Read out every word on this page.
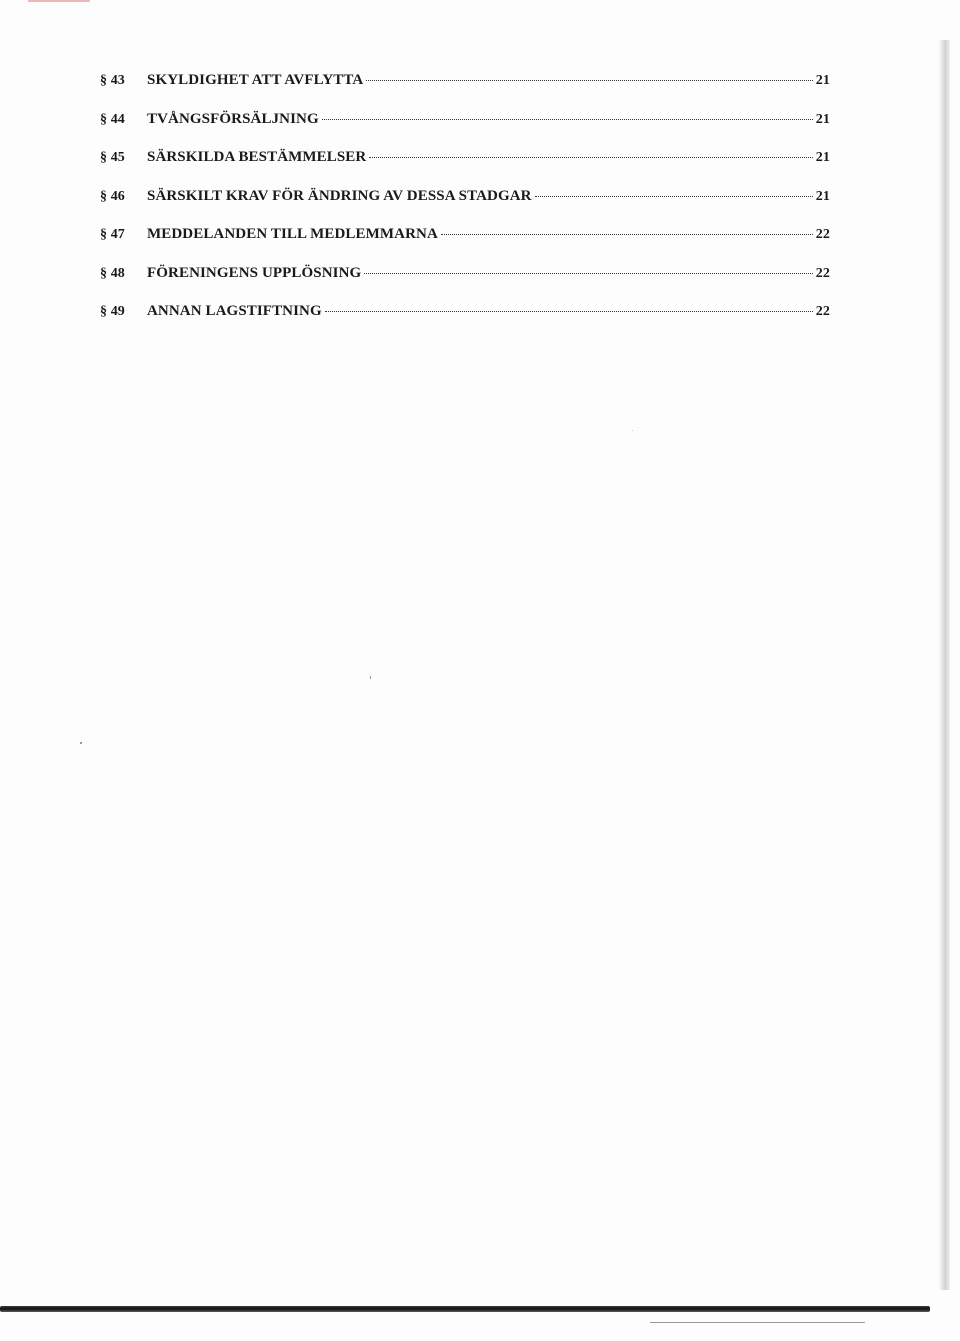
§ 43	SKYLDIGHET ATT AVFLYTTA	21
§ 44	TVÅNGSFÖRSÄLJNING	21
§ 45	SÄRSKILDA BESTÄMMELSER	21
§ 46	SÄRSKILT KRAV FÖR ÄNDRING AV DESSA STADGAR	21
§ 47	MEDDELANDEN TILL MEDLEMMARNA	22
§ 48	FÖRENINGENS UPPLÖSNING	22
§ 49	ANNAN LAGSTIFTNING	22
